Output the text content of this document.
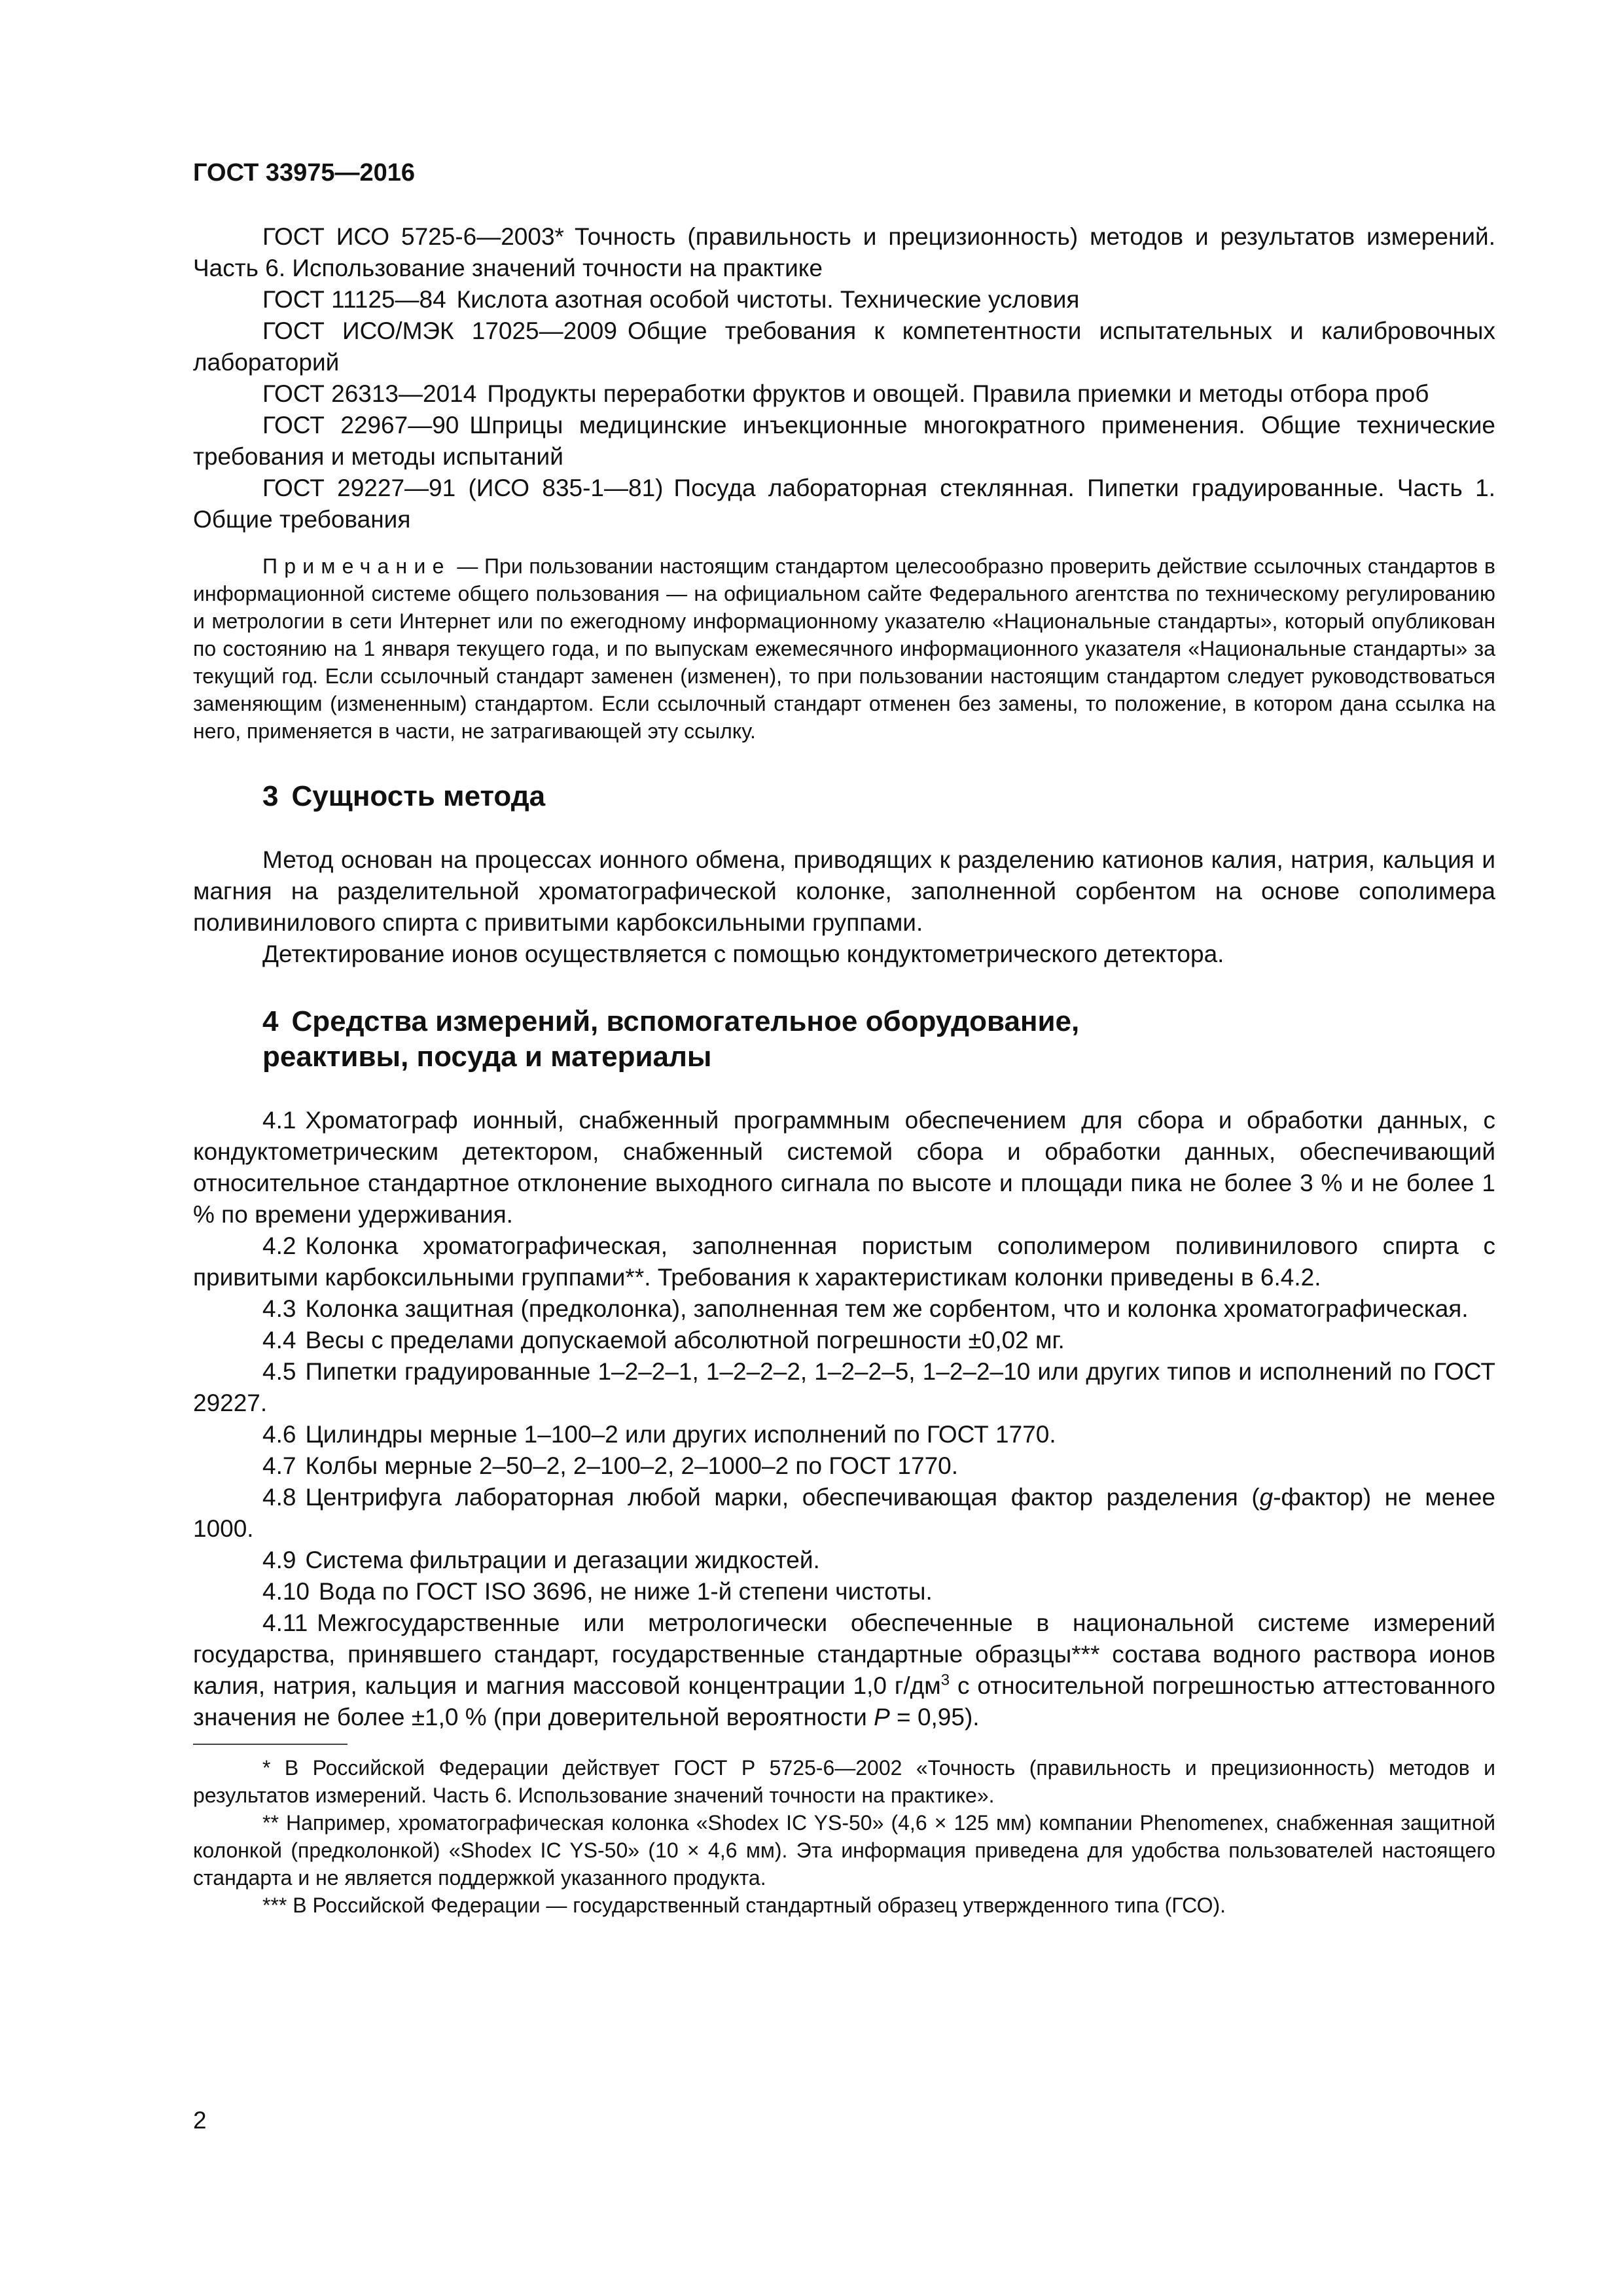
ГОСТ 33975—2016

ГОСТ ИСО 5725-6—2003* Точность (правильность и прецизионность) методов и результатов измерений. Часть 6. Использование значений точности на практике

ГОСТ 11125—84 Кислота азотная особой чистоты. Технические условия

ГОСТ ИСО/МЭК 17025—2009 Общие требования к компетентности испытательных и калибровочных лабораторий

ГОСТ 26313—2014 Продукты переработки фруктов и овощей. Правила приемки и методы отбора проб

ГОСТ 22967—90 Шприцы медицинские инъекционные многократного применения. Общие технические требования и методы испытаний

ГОСТ 29227—91 (ИСО 835-1—81) Посуда лабораторная стеклянная. Пипетки градуированные. Часть 1. Общие требования

Примечание — При пользовании настоящим стандартом целесообразно проверить действие ссылочных стандартов в информационной системе общего пользования — на официальном сайте Федерального агентства по техническому регулированию и метрологии в сети Интернет или по ежегодному информационному указателю «Национальные стандарты», который опубликован по состоянию на 1 января текущего года, и по выпускам ежемесячного информационного указателя «Национальные стандарты» за текущий год. Если ссылочный стандарт заменен (изменен), то при пользовании настоящим стандартом следует руководствоваться заменяющим (измененным) стандартом. Если ссылочный стандарт отменен без замены, то положение, в котором дана ссылка на него, применяется в части, не затрагивающей эту ссылку.

3 Сущность метода

Метод основан на процессах ионного обмена, приводящих к разделению катионов калия, натрия, кальция и магния на разделительной хроматографической колонке, заполненной сорбентом на основе сополимера поливинилового спирта с привитыми карбоксильными группами.

Детектирование ионов осуществляется с помощью кондуктометрического детектора.

4 Средства измерений, вспомогательное оборудование,
реактивы, посуда и материалы

4.1 Хроматограф ионный, снабженный программным обеспечением для сбора и обработки данных, с кондуктометрическим детектором, снабженный системой сбора и обработки данных, обеспечивающий относительное стандартное отклонение выходного сигнала по высоте и площади пика не более 3 % и не более 1 % по времени удерживания.

4.2 Колонка хроматографическая, заполненная пористым сополимером поливинилового спирта с привитыми карбоксильными группами**. Требования к характеристикам колонки приведены в 6.4.2.

4.3 Колонка защитная (предколонка), заполненная тем же сорбентом, что и колонка хроматографическая.

4.4 Весы с пределами допускаемой абсолютной погрешности ±0,02 мг.

4.5 Пипетки градуированные 1–2–2–1, 1–2–2–2, 1–2–2–5, 1–2–2–10 или других типов и исполнений по ГОСТ 29227.

4.6 Цилиндры мерные 1–100–2 или других исполнений по ГОСТ 1770.

4.7 Колбы мерные 2–50–2, 2–100–2, 2–1000–2 по ГОСТ 1770.

4.8 Центрифуга лабораторная любой марки, обеспечивающая фактор разделения (g-фактор) не менее 1000.

4.9 Система фильтрации и дегазации жидкостей.

4.10 Вода по ГОСТ ISO 3696, не ниже 1-й степени чистоты.

4.11 Межгосударственные или метрологически обеспеченные в национальной системе измерений государства, принявшего стандарт, государственные стандартные образцы*** состава водного раствора ионов калия, натрия, кальция и магния массовой концентрации 1,0 $г/дм^3$ с относительной погрешностью аттестованного значения не более ±1,0 % (при доверительной вероятности P = 0,95).

* В Российской Федерации действует ГОСТ Р 5725-6—2002 «Точность (правильность и прецизионность) методов и результатов измерений. Часть 6. Использование значений точности на практике».

** Например, хроматографическая колонка «Shodex IC YS-50» (4,6 × 125 мм) компании Phenomenex, снабженная защитной колонкой (предколонкой) «Shodex IC YS-50» (10 × 4,6 мм). Эта информация приведена для удобства пользователей настоящего стандарта и не является поддержкой указанного продукта.

*** В Российской Федерации — государственный стандартный образец утвержденного типа (ГСО).

2
